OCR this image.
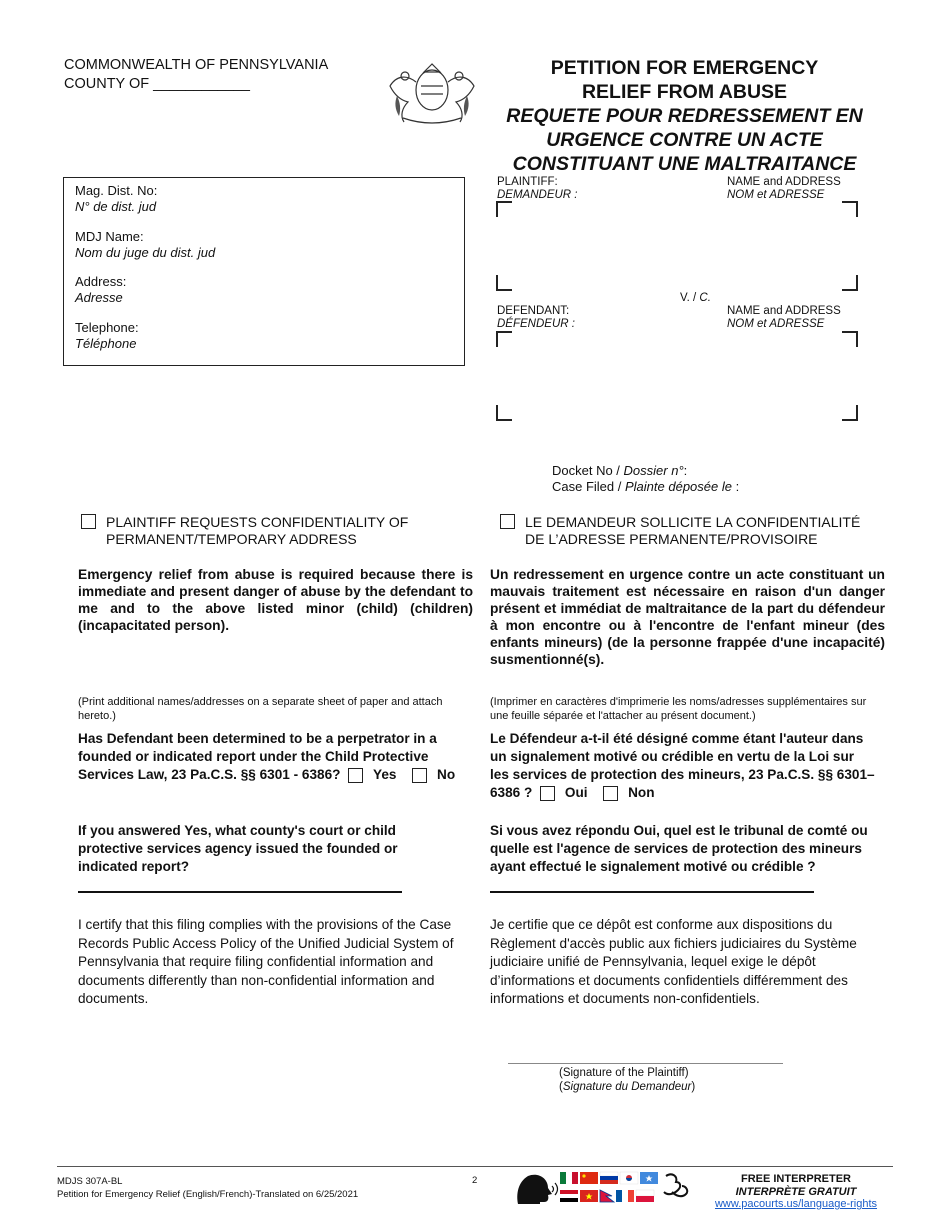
COMMONWEALTH OF PENNSYLVANIA
COUNTY OF ____________
PETITION FOR EMERGENCY
RELIEF FROM ABUSE
REQUETE POUR REDRESSEMENT EN
URGENCE CONTRE UN ACTE
CONSTITUANT UNE MALTRAITANCE
Mag. Dist. No:
N° de dist. jud
MDJ Name:
Nom du juge du dist. jud
Address:
Adresse
Telephone:
Téléphone
PLAINTIFF:
DEMANDEUR :
NAME and ADDRESS
NOM et ADRESSE
V. / C.
DEFENDANT:
DÉFENDEUR :
NAME and ADDRESS
NOM et ADRESSE
Docket No / Dossier n°:
Case Filed / Plainte déposée le :
PLAINTIFF REQUESTS CONFIDENTIALITY OF
PERMANENT/TEMPORARY ADDRESS
LE DEMANDEUR SOLLICITE LA CONFIDENTIALITÉ
DE L’ADRESSE PERMANENTE/PROVISOIRE
Emergency relief from abuse is required because there is immediate and present danger of abuse by the defendant to me and to the above listed minor (child) (children) (incapacitated person).
Un redressement en urgence contre un acte constituant un mauvais traitement est nécessaire en raison d'un danger présent et immédiat de maltraitance de la part du défendeur à mon encontre ou à l'encontre de l'enfant mineur (des enfants mineurs) (de la personne frappée d'une incapacité) susmentionné(s).
(Print additional names/addresses on a separate sheet of paper and attach hereto.)
(Imprimer en caractères d'imprimerie les noms/adresses supplémentaires sur une feuille séparée et l'attacher au présent document.)
Has Defendant been determined to be a perpetrator in a
founded or indicated report under the Child Protective
Services Law, 23 Pa.C.S. §§ 6301 - 6386? Yes	No
Le Défendeur a-t-il été désigné comme étant l'auteur dans
un signalement motivé ou crédible en vertu de la Loi sur
les services de protection des mineurs, 23 Pa.C.S. §§ 6301–
6386 ? Oui	Non
If you answered Yes, what county's court or child
protective services agency issued the founded or
indicated report?
Si vous avez répondu Oui, quel est le tribunal de comté ou
quelle est l'agence de services de protection des mineurs
ayant effectué le signalement motivé ou crédible ?
I certify that this filing complies with the provisions of the Case
Records Public Access Policy of the Unified Judicial System of
Pennsylvania that require filing confidential information and
documents differently than non-confidential information and
documents.
Je certifie que ce dépôt est conforme aux dispositions du
Règlement d'accès public aux fichiers judiciaires du Système
judiciaire unifié de Pennsylvania, lequel exige le dépôt
d’informations et documents confidentiels différemment des
informations et documents non-confidentiels.
(Signature of the Plaintiff)
(Signature du Demandeur)
MDJS 307A-BL
Petition for Emergency Relief (English/French)-Translated on 6/25/2021
2	FREE INTERPRETER
INTERPRÈTE GRATUIT
www.pacourts.us/language-rights
